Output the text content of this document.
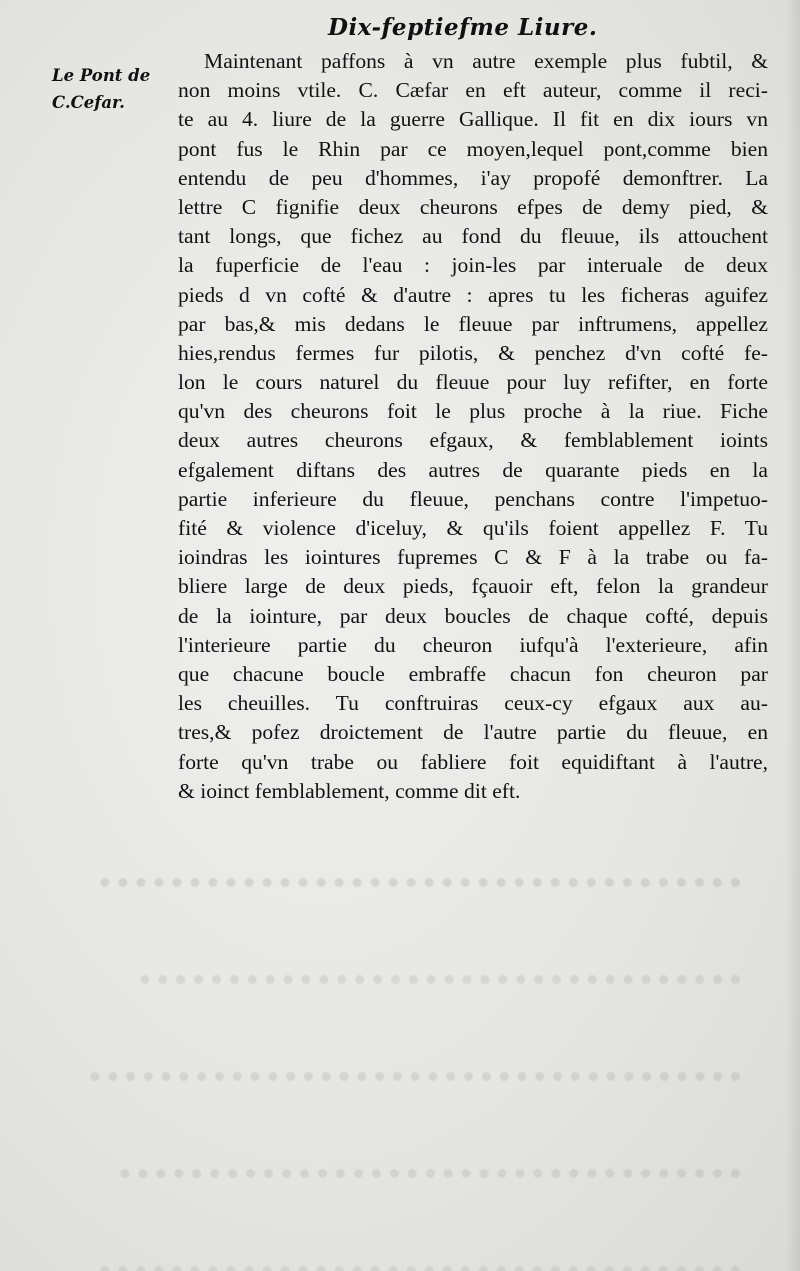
Dix-feptiefme Liure.
Le Pont de
C.Cefar.
Maintenant paffons à vn autre exemple plus fubtil, &
non moins vtile. C. Cæfar en eft auteur, comme il reci-
te au 4. liure de la guerre Gallique. Il fit en dix iours vn
pont fus le Rhin par ce moyen,lequel pont,comme bien
entendu de peu d'hommes, i'ay propofé demonftrer. La
lettre C fignifie deux cheurons efpes de demy pied, &
tant longs, que fichez au fond du fleuue, ils attouchent
la fuperficie de l'eau : join-les par interuale de deux
pieds d vn cofté & d'autre : apres tu les ficheras aguifez
par bas,& mis dedans le fleuue par inftrumens, appellez
hies,rendus fermes fur pilotis, & penchez d'vn cofté fe-
lon le cours naturel du fleuue pour luy refifter, en forte
qu'vn des cheurons foit le plus proche à la riue. Fiche
deux autres cheurons efgaux, & femblablement ioints
efgalement diftans des autres de quarante pieds en la
partie inferieure du fleuue, penchans contre l'impetuo-
fité & violence d'iceluy, & qu'ils foient appellez F. Tu
ioindras les iointures fupremes C & F à la trabe ou fa-
bliere large de deux pieds, fçauoir eft, felon la grandeur
de la iointure, par deux boucles de chaque cofté, depuis
l'interieure partie du cheuron iufqu'à l'exterieure, afin
que chacune boucle embraffe chacun fon cheuron par
les cheuilles. Tu conftruiras ceux-cy efgaux aux au-
tres,& pofez droictement de l'autre partie du fleuue, en
forte qu'vn trabe ou fabliere foit equidiftant à l'autre,
& ioinct femblablement, comme dit eft.
